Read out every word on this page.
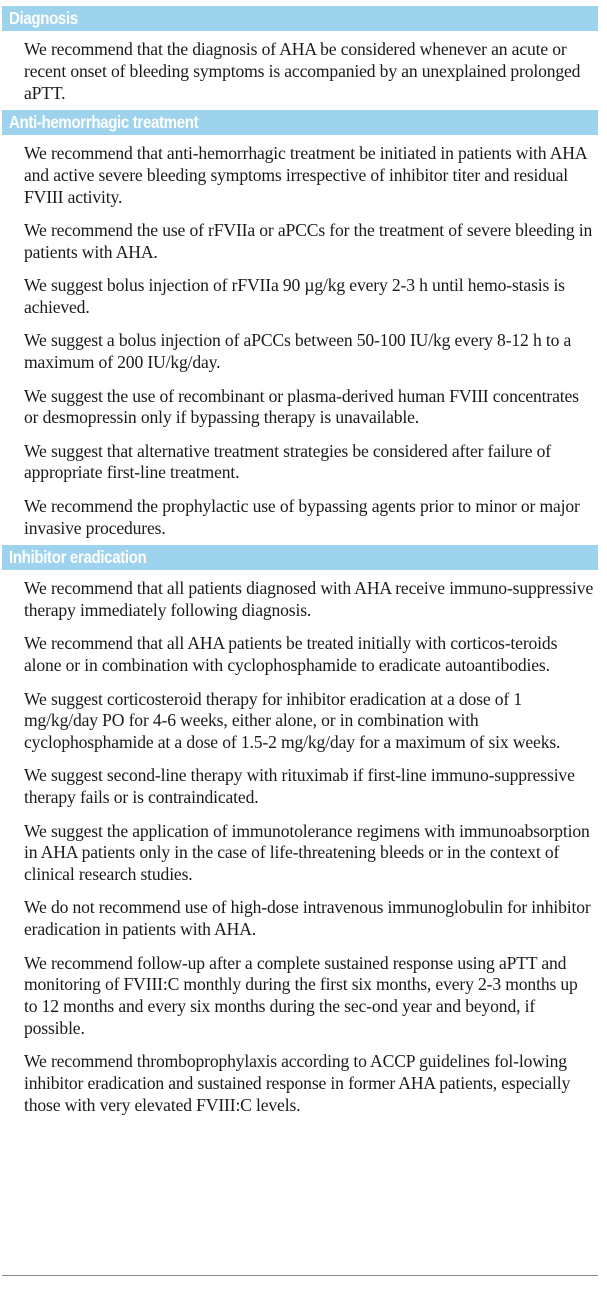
Diagnosis

We recommend that the diagnosis of AHA be considered whenever an acute or recent onset of bleeding symptoms is accompanied by an unexplained prolonged aPTT.

Anti-hemorrhagic treatment

We recommend that anti-hemorrhagic treatment be initiated in patients with AHA and active severe bleeding symptoms irrespective of inhibitor titer and residual FVIII activity.

We recommend the use of rFVIIa or aPCCs for the treatment of severe bleeding in patients with AHA.

We suggest bolus injection of rFVIIa 90 µg/kg every 2-3 h until hemo-stasis is achieved.

We suggest a bolus injection of aPCCs between 50-100 IU/kg every 8-12 h to a maximum of 200 IU/kg/day.

We suggest the use of recombinant or plasma-derived human FVIII concentrates or desmopressin only if bypassing therapy is unavailable.

We suggest that alternative treatment strategies be considered after failure of appropriate first-line treatment.

We recommend the prophylactic use of bypassing agents prior to minor or major invasive procedures.

Inhibitor eradication

We recommend that all patients diagnosed with AHA receive immuno-suppressive therapy immediately following diagnosis.

We recommend that all AHA patients be treated initially with corticos-teroids alone or in combination with cyclophosphamide to eradicate autoantibodies.

We suggest corticosteroid therapy for inhibitor eradication at a dose of 1 mg/kg/day PO for 4-6 weeks, either alone, or in combination with cyclophosphamide at a dose of 1.5-2 mg/kg/day for a maximum of six weeks.

We suggest second-line therapy with rituximab if first-line immuno-suppressive therapy fails or is contraindicated.

We suggest the application of immunotolerance regimens with immunoabsorption in AHA patients only in the case of life-threatening bleeds or in the context of clinical research studies.

We do not recommend use of high-dose intravenous immunoglobulin for inhibitor eradication in patients with AHA.

We recommend follow-up after a complete sustained response using aPTT and monitoring of FVIII:C monthly during the first six months, every 2-3 months up to 12 months and every six months during the sec-ond year and beyond, if possible.

We recommend thromboprophylaxis according to ACCP guidelines fol-lowing inhibitor eradication and sustained response in former AHA patients, especially those with very elevated FVIII:C levels.
